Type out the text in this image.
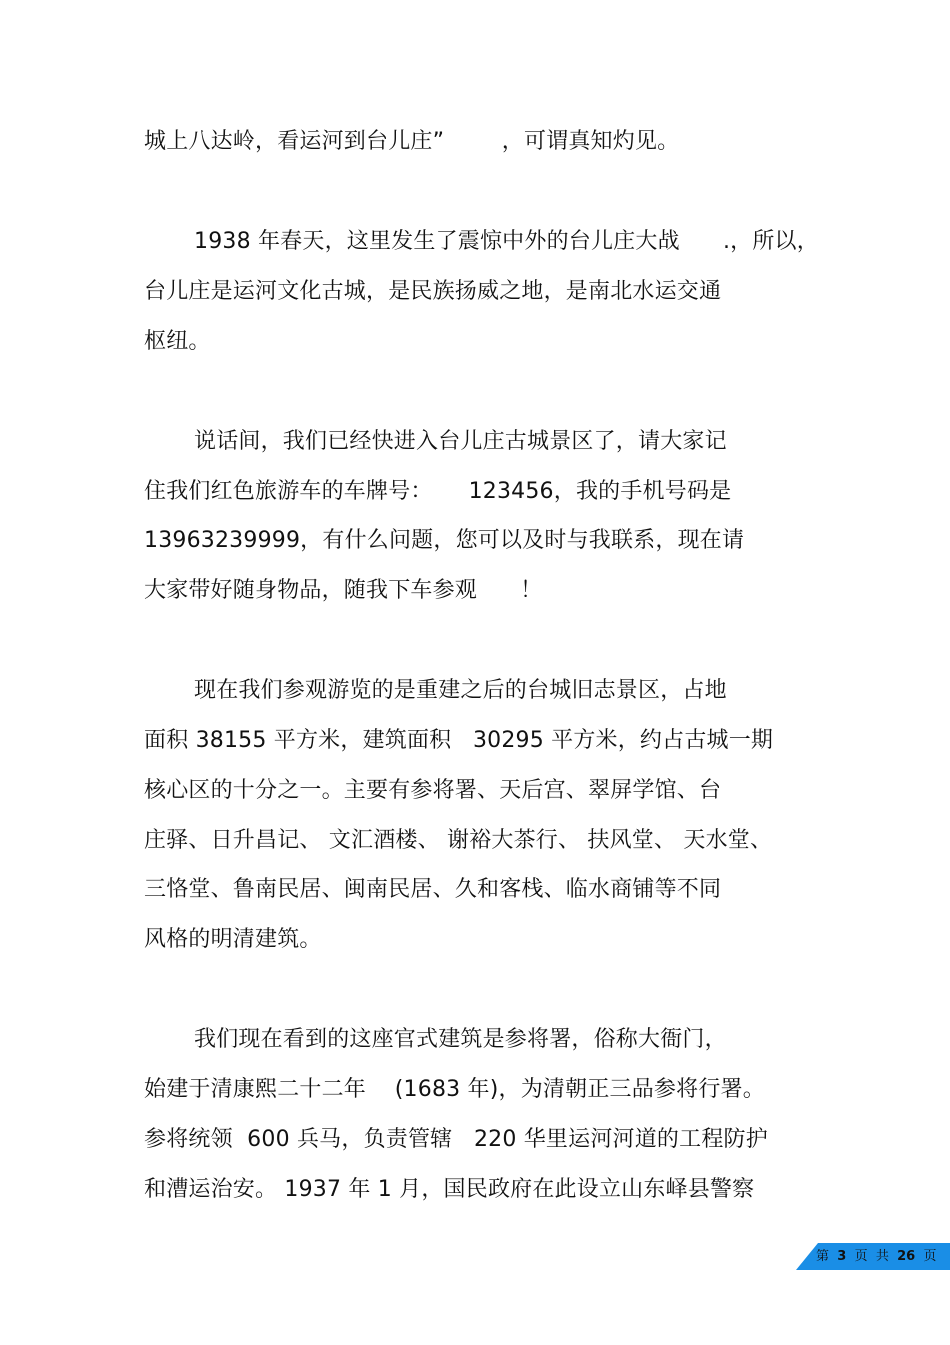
城上八达岭，看运河到台儿庄”        ，可谓真知灼见。
1938 年春天，这里发生了震惊中外的台儿庄大战      .，所以，
台儿庄是运河文化古城，是民族扬威之地，是南北水运交通
枢纽。
说话间，我们已经快进入台儿庄古城景区了，请大家记
住我们红色旅游车的车牌号：     123456，我的手机号码是
13963239999，有什么问题，您可以及时与我联系，现在请
大家带好随身物品，随我下车参观      ！
现在我们参观游览的是重建之后的台城旧志景区，占地
面积 38155 平方米，建筑面积   30295 平方米，约占古城一期
核心区的十分之一。主要有参将署、天后宫、翠屏学馆、台
庄驿、日升昌记、 文汇酒楼、 谢裕大茶行、 扶风堂、 天水堂、
三恪堂、鲁南民居、闽南民居、久和客栈、临水商铺等不同
风格的明清建筑。
我们现在看到的这座官式建筑是参将署，俗称大衙门，
始建于清康熙二十二年    (1683 年)，为清朝正三品参将行署。
参将统领  600 兵马，负责管辖   220 华里运河河道的工程防护
和漕运治安。 1937 年 1 月，国民政府在此设立山东峄县警察
第 3 页  共 26 页
